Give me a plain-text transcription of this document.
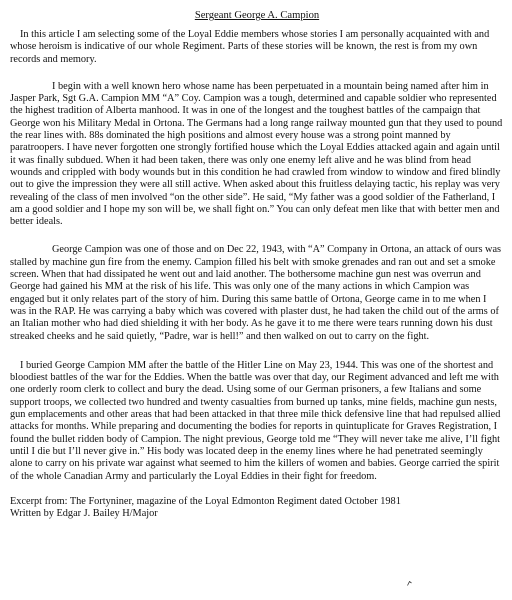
Sergeant George A. Campion

In this article I am selecting some of the Loyal Eddie members whose stories I am personally acquainted with and whose heroism is indicative of our whole Regiment. Parts of these stories will be known, the rest is from my own records and memory.

I begin with a well known hero whose name has been perpetuated in a mountain being named after him in Jasper Park, Sgt G.A. Campion MM “A” Coy. Campion was a tough, determined and capable soldier who represented the highest tradition of Alberta manhood. It was in one of the longest and the toughest battles of the campaign that George won his Military Medal in Ortona. The Germans had a long range railway mounted gun that they used to pound the rear lines with. 88s dominated the high positions and almost every house was a strong point manned by paratroopers. I have never forgotten one strongly fortified house which the Loyal Eddies attacked again and again until it was finally subdued. When it had been taken, there was only one enemy left alive and he was blind from head wounds and crippled with body wounds but in this condition he had crawled from window to window and fired blindly out to give the impression they were all still active. When asked about this fruitless delaying tactic, his replay was very revealing of the class of men involved “on the other side”. He said, “My father was a good soldier of the Fatherland, I am a good soldier and I hope my son will be, we shall fight on.” You can only defeat men like that with better men and better ideals.

George Campion was one of those and on Dec 22, 1943, with “A” Company in Ortona, an attack of ours was stalled by machine gun fire from the enemy. Campion filled his belt with smoke grenades and ran out and set a smoke screen. When that had dissipated he went out and laid another. The bothersome machine gun nest was overrun and George had gained his MM at the risk of his life. This was only one of the many actions in which Campion was engaged but it only relates part of the story of him. During this same battle of Ortona, George came in to me when I was in the RAP. He was carrying a baby which was covered with plaster dust, he had taken the child out of the arms of an Italian mother who had died shielding it with her body. As he gave it to me there were tears running down his dust streaked cheeks and he said quietly, “Padre, war is hell!” and then walked on out to carry on the fight.

I buried George Campion MM after the battle of the Hitler Line on May 23, 1944. This was one of the shortest and bloodiest battles of the war for the Eddies. When the battle was over that day, our Regiment advanced and left me with one orderly room clerk to collect and bury the dead. Using some of our German prisoners, a few Italians and some support troops, we collected two hundred and twenty casualties from burned up tanks, mine fields, machine gun nests, gun emplacements and other areas that had been attacked in that three mile thick defensive line that had repulsed allied attacks for months. While preparing and documenting the bodies for reports in quintuplicate for Graves Registration, I found the bullet ridden body of Campion. The night previous, George told me “They will never take me alive, I’ll fight until I die but I’ll never give in.” His body was located deep in the enemy lines where he had penetrated seemingly alone to carry on his private war against what seemed to him the killers of women and babies. George carried the spirit of the whole Canadian Army and particularly the Loyal Eddies in their fight for freedom.

Excerpt from: The Fortyniner, magazine of the Loyal Edmonton Regiment dated October 1981

Written by Edgar J. Bailey H/Major
